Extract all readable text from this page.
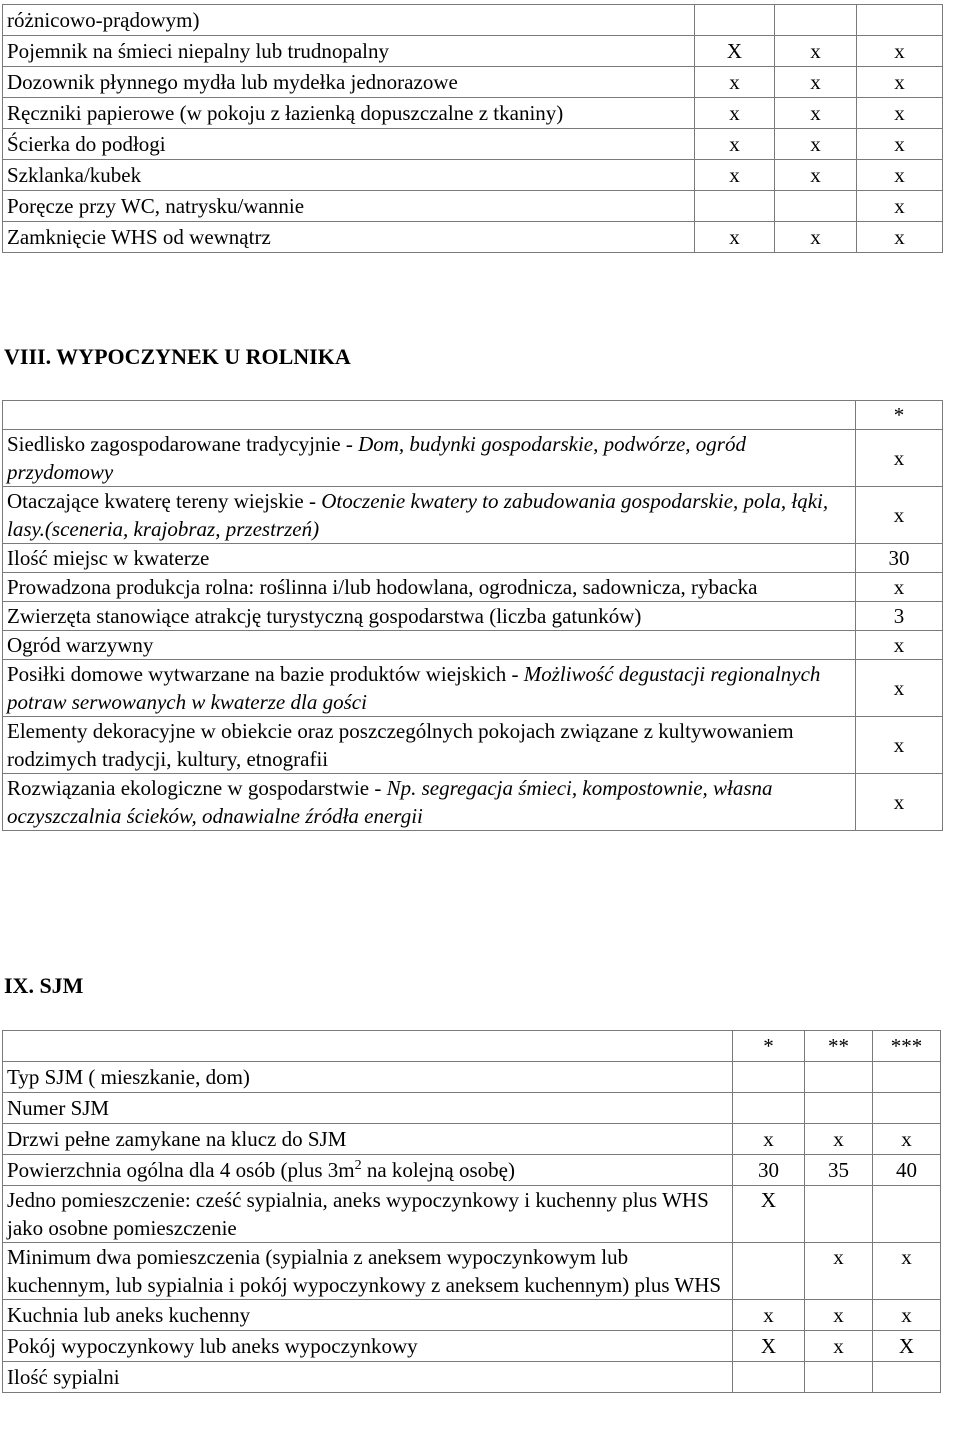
różnicowo-prądowym)			
Pojemnik na śmieci niepalny lub trudnopalny	X	x	x
Dozownik płynnego mydła lub mydełka jednorazowe	x	x	x
Ręczniki papierowe (w pokoju z łazienką dopuszczalne z tkaniny)	x	x	x
Ścierka do podłogi	x	x	x
Szklanka/kubek	x	x	x
Poręcze przy WC, natrysku/wannie			x
Zamknięcie WHS od wewnątrz	x	x	x
VIII. WYPOCZYNEK U ROLNIKA
	*
Siedlisko zagospodarowane tradycyjnie - Dom, budynki gospodarskie, podwórze, ogród przydomowy	x
Otaczające kwaterę tereny wiejskie - Otoczenie kwatery to zabudowania gospodarskie, pola, łąki, lasy.(sceneria, krajobraz, przestrzeń)	x
Ilość miejsc w kwaterze	30
Prowadzona produkcja rolna: roślinna i/lub hodowlana, ogrodnicza, sadownicza, rybacka	x
Zwierzęta stanowiące atrakcję turystyczną gospodarstwa (liczba gatunków)	3
Ogród warzywny	x
Posiłki domowe wytwarzane na bazie produktów wiejskich - Możliwość degustacji regionalnych potraw serwowanych w kwaterze dla gości	x
Elementy dekoracyjne w obiekcie oraz poszczególnych pokojach związane z kultywowaniem rodzimych tradycji, kultury, etnografii	x
Rozwiązania ekologiczne w gospodarstwie - Np. segregacja śmieci, kompostownie, własna oczyszczalnia ścieków, odnawialne źródła energii	x
IX. SJM
	*	**	***
Typ SJM ( mieszkanie, dom)			
Numer SJM			
Drzwi pełne zamykane na klucz do SJM	x	x	x
Powierzchnia ogólna dla 4 osób (plus $3m^2$ na kolejną osobę)	30	35	40
Jedno pomieszczenie: cześć sypialnia, aneks wypoczynkowy i kuchenny plus WHS jako osobne pomieszczenie	X		
Minimum dwa pomieszczenia (sypialnia z aneksem wypoczynkowym lub kuchennym, lub sypialnia i pokój wypoczynkowy z aneksem kuchennym) plus WHS		x	x
Kuchnia lub aneks kuchenny	x	x	x
Pokój wypoczynkowy lub aneks wypoczynkowy	X	x	X
Ilość sypialni			
